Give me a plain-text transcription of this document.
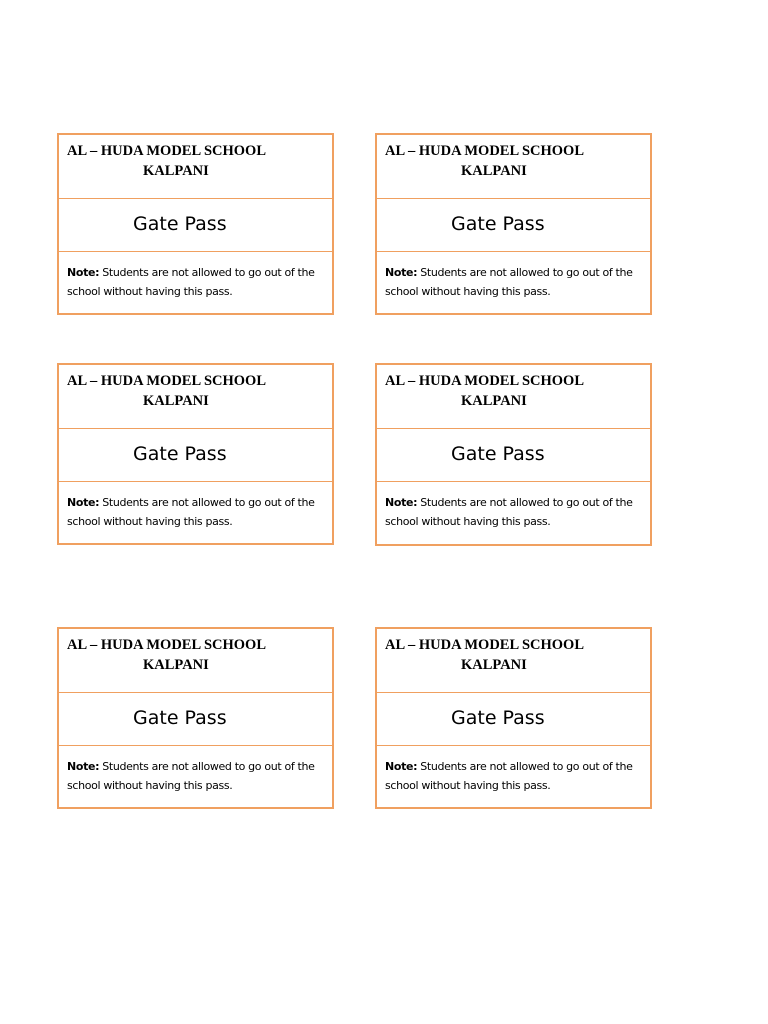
AL – HUDA MODEL SCHOOL
KALPANI
Gate Pass
Note: Students are not allowed to go out of the school without having this pass.
AL – HUDA MODEL SCHOOL
KALPANI
Gate Pass
Note: Students are not allowed to go out of the school without having this pass.
AL – HUDA MODEL SCHOOL
KALPANI
Gate Pass
Note: Students are not allowed to go out of the school without having this pass.
AL – HUDA MODEL SCHOOL
KALPANI
Gate Pass
Note: Students are not allowed to go out of the school without having this pass.
AL – HUDA MODEL SCHOOL
KALPANI
Gate Pass
Note: Students are not allowed to go out of the school without having this pass.
AL – HUDA MODEL SCHOOL
KALPANI
Gate Pass
Note: Students are not allowed to go out of the school without having this pass.
